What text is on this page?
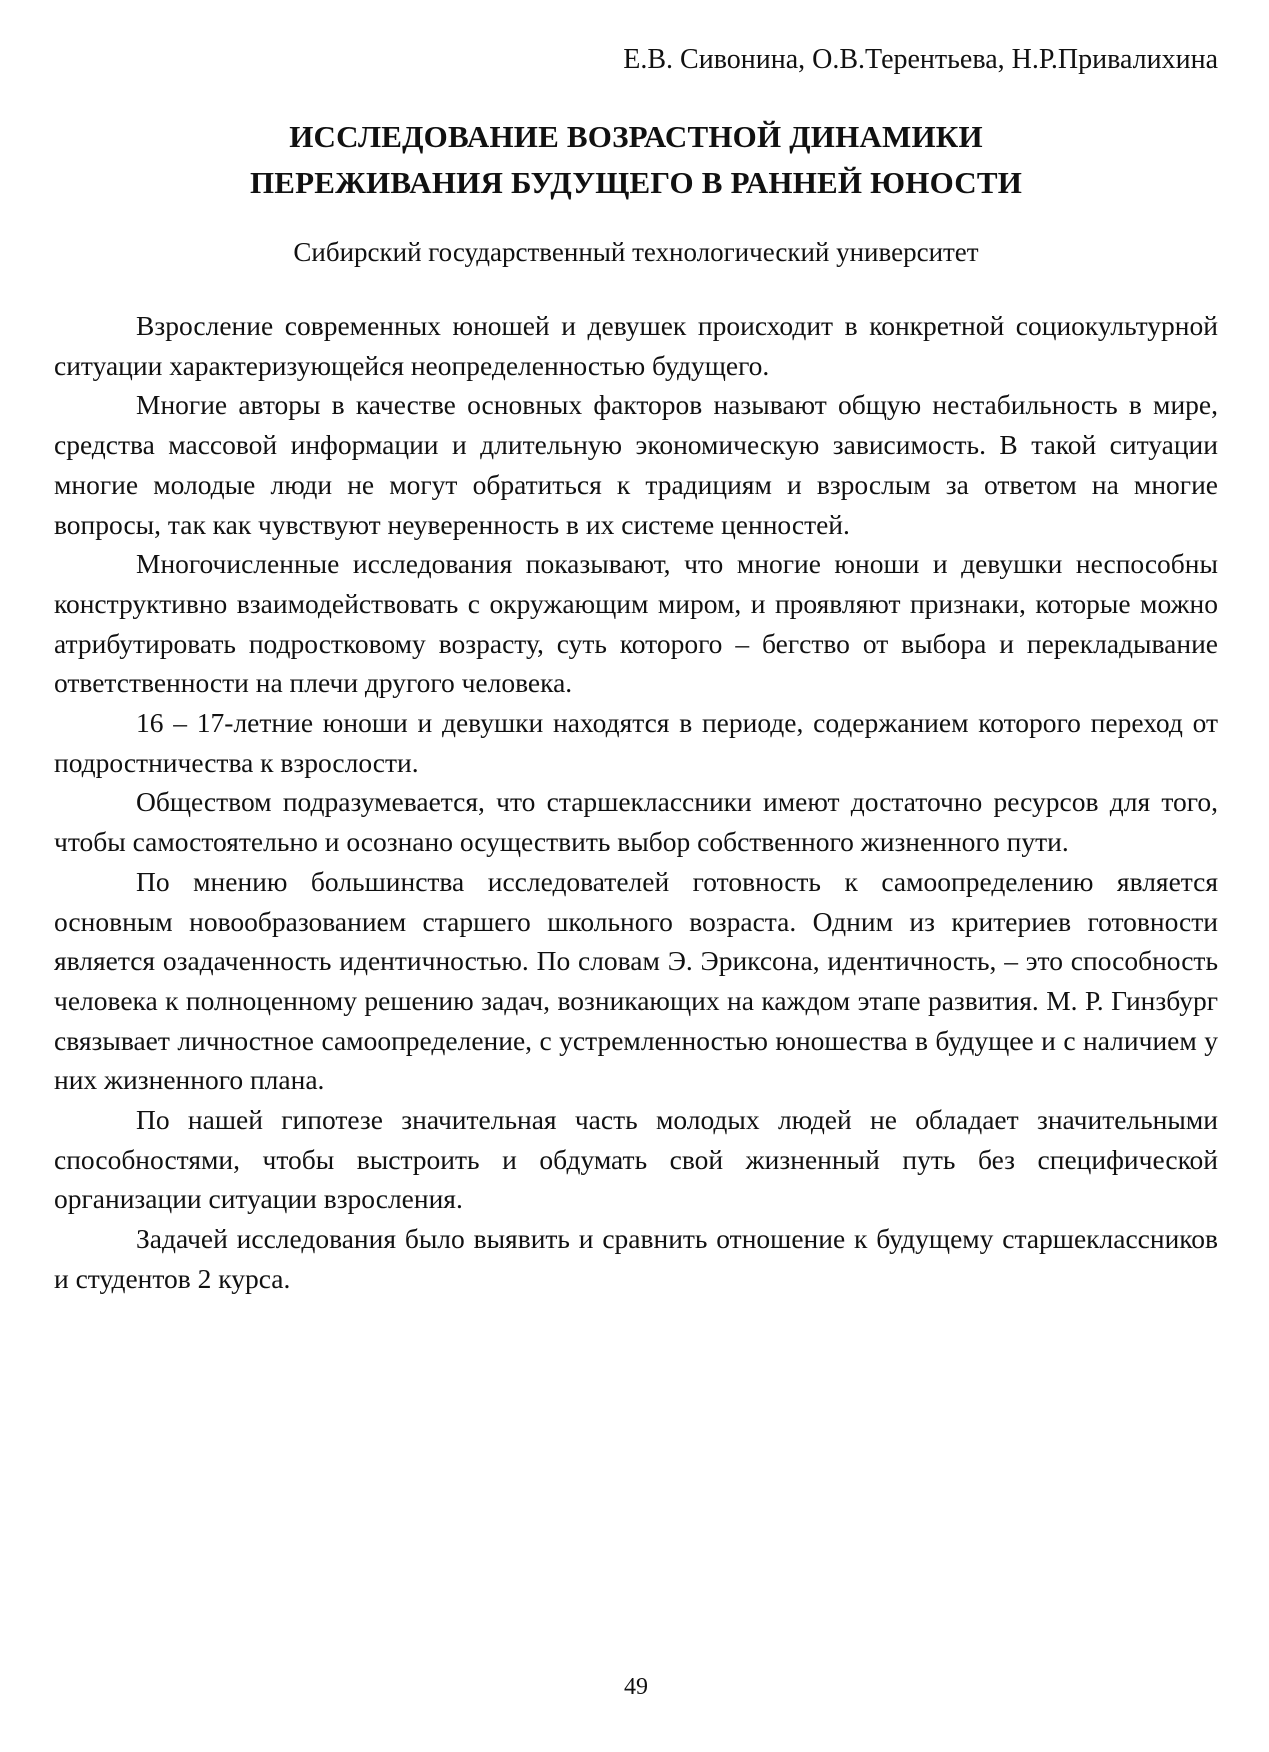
Е.В. Сивонина, О.В.Терентьева, Н.Р.Привалихина

ИССЛЕДОВАНИЕ ВОЗРАСТНОЙ ДИНАМИКИ
ПЕРЕЖИВАНИЯ БУДУЩЕГО В РАННЕЙ ЮНОСТИ

Сибирский государственный технологический университет

Взросление современных юношей и девушек происходит в конкретной социокультурной ситуации характеризующейся неопределенностью будущего.

Многие авторы в качестве основных факторов называют общую нестабильность в мире, средства массовой информации и длительную экономическую зависимость. В такой ситуации многие молодые люди не могут обратиться к традициям и взрослым за ответом на многие вопросы, так как чувствуют неуверенность в их системе ценностей.

Многочисленные исследования показывают, что многие юноши и девушки неспособны конструктивно взаимодействовать с окружающим миром, и проявляют признаки, которые можно атрибутировать подростковому возрасту, суть которого – бегство от выбора и перекладывание ответственности на плечи другого человека.

16 – 17-летние юноши и девушки находятся в периоде, содержанием которого переход от подростничества к взрослости.

Обществом подразумевается, что старшеклассники имеют достаточно ресурсов для того, чтобы самостоятельно и осознано осуществить выбор собственного жизненного пути.

По мнению большинства исследователей готовность к самоопределению является основным новообразованием старшего школьного возраста. Одним из критериев готовности является озадаченность идентичностью. По словам Э. Эриксона, идентичность, – это способность человека к полноценному решению задач, возникающих на каждом этапе развития. М. Р. Гинзбург связывает личностное самоопределение, с устремленностью юношества в будущее и с наличием у них жизненного плана.

По нашей гипотезе значительная часть молодых людей не обладает значительными способностями, чтобы выстроить и обдумать свой жизненный путь без специфической организации ситуации взросления.

Задачей исследования было выявить и сравнить отношение к будущему старшеклассников и студентов 2 курса.

49
